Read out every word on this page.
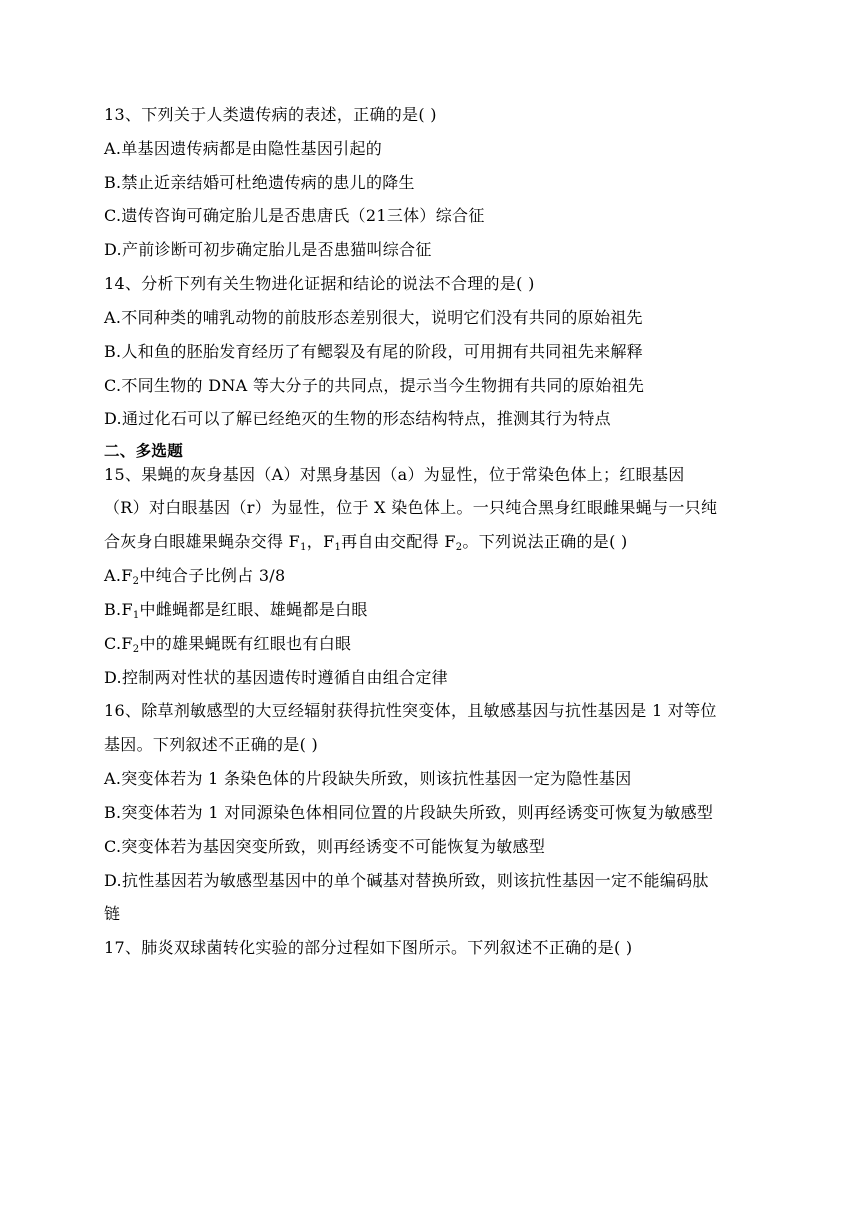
13、下列关于人类遗传病的表述，正确的是( )
A.单基因遗传病都是由隐性基因引起的
B.禁止近亲结婚可杜绝遗传病的患儿的降生
C.遗传咨询可确定胎儿是否患唐氏（21三体）综合征
D.产前诊断可初步确定胎儿是否患猫叫综合征
14、分析下列有关生物进化证据和结论的说法不合理的是( )
A.不同种类的哺乳动物的前肢形态差别很大，说明它们没有共同的原始祖先
B.人和鱼的胚胎发育经历了有鳃裂及有尾的阶段，可用拥有共同祖先来解释
C.不同生物的 DNA 等大分子的共同点，提示当今生物拥有共同的原始祖先
D.通过化石可以了解已经绝灭的生物的形态结构特点，推测其行为特点
二、多选题
15、果蝇的灰身基因（A）对黑身基因（a）为显性，位于常染色体上；红眼基因
（R）对白眼基因（r）为显性，位于 X 染色体上。一只纯合黑身红眼雌果蝇与一只纯
合灰身白眼雄果蝇杂交得 $F_1$，$F_1$再自由交配得 $F_2$。下列说法正确的是( )
$A.F_2$中纯合子比例占 3/8
$B.F_1$中雌蝇都是红眼、雄蝇都是白眼
$C.F_2$中的雄果蝇既有红眼也有白眼
D.控制两对性状的基因遗传时遵循自由组合定律
16、除草剂敏感型的大豆经辐射获得抗性突变体，且敏感基因与抗性基因是 1 对等位
基因。下列叙述不正确的是( )
A.突变体若为 1 条染色体的片段缺失所致，则该抗性基因一定为隐性基因
B.突变体若为 1 对同源染色体相同位置的片段缺失所致，则再经诱变可恢复为敏感型
C.突变体若为基因突变所致，则再经诱变不可能恢复为敏感型
D.抗性基因若为敏感型基因中的单个碱基对替换所致，则该抗性基因一定不能编码肽
链
17、肺炎双球菌转化实验的部分过程如下图所示。下列叙述不正确的是( )
